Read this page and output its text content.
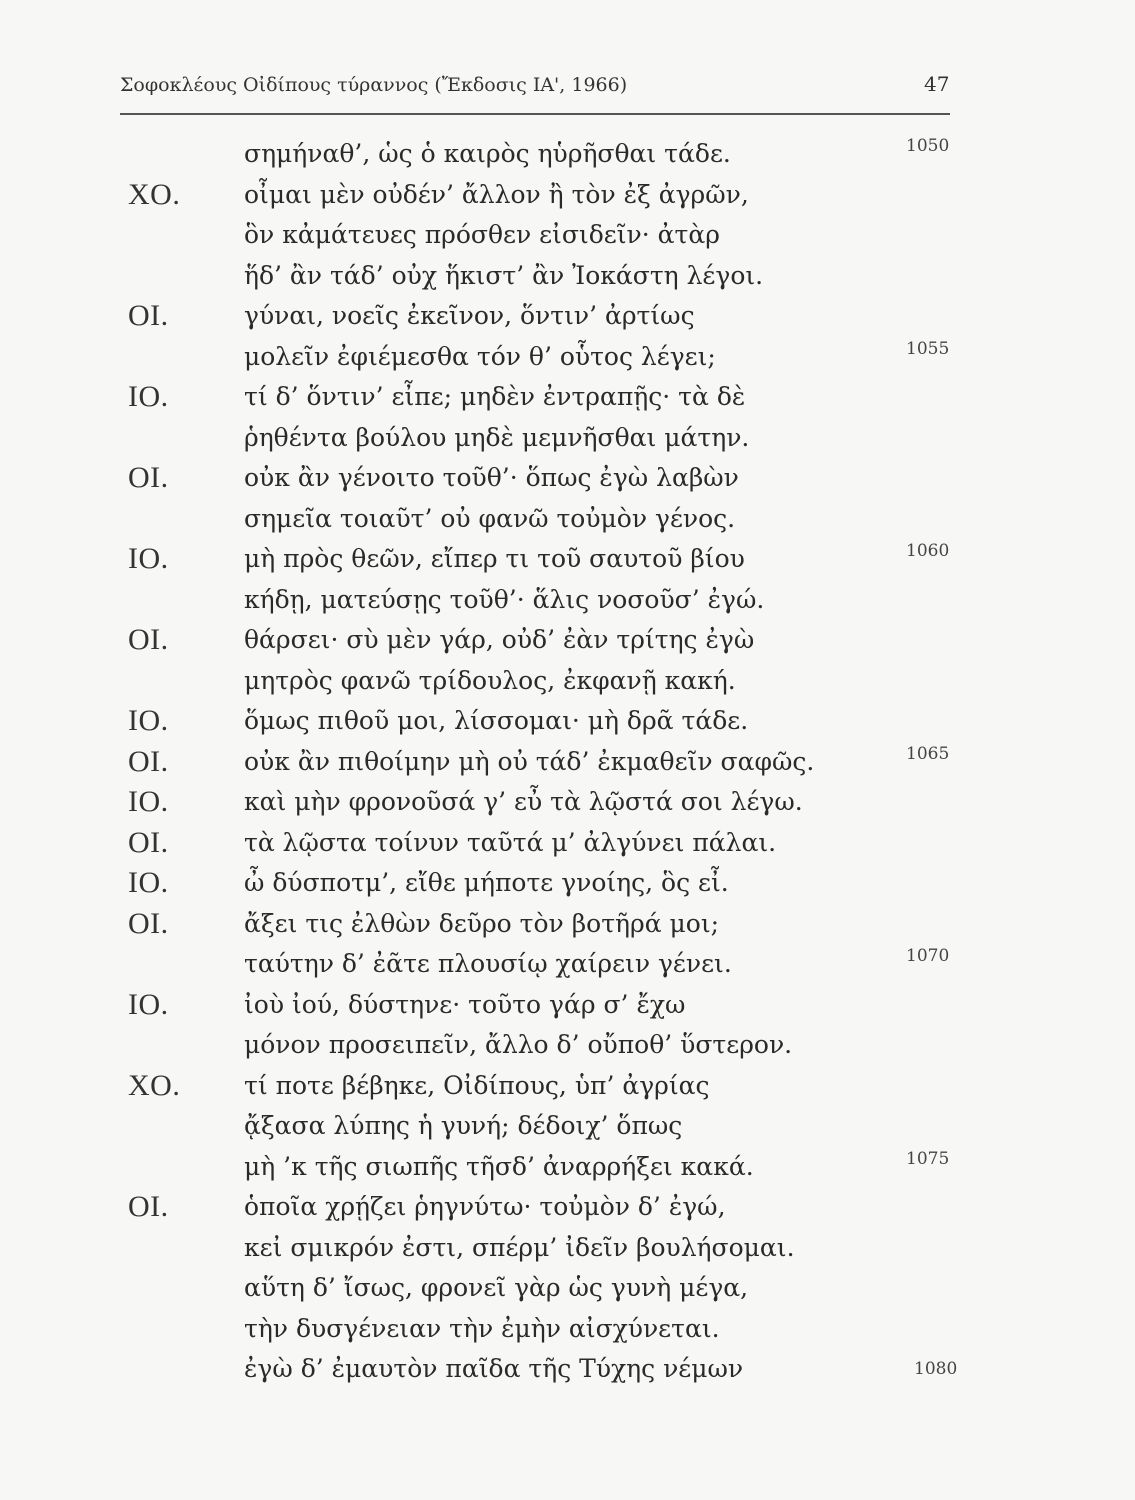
Σοφοκλέους Οἰδίπους τύραννος (Ἔκδοσις ΙΑ', 1966)	47
σημήναθ’, ὡς ὁ καιρὸς ηὑρῆσθαι τάδε.	1050
ΧΟ.	οἶμαι μὲν οὐδέν’ ἄλλον ἢ τὸν ἐξ ἀγρῶν,
ὃν κἀμάτευες πρόσθεν εἰσιδεῖν· ἀτὰρ
ἥδ’ ἂν τάδ’ οὐχ ἥκιστ’ ἂν Ἰοκάστη λέγοι.
ΟΙ.	γύναι, νοεῖς ἐκεῖνον, ὅντιν’ ἀρτίως
μολεῖν ἐφιέμεσθα τόν θ’ οὗτος λέγει;	1055
ΙΟ.	τί δ’ ὅντιν’ εἶπε; μηδὲν ἐντραπῇς· τὰ δὲ
ῥηθέντα βούλου μηδὲ μεμνῆσθαι μάτην.
ΟΙ.	οὐκ ἂν γένοιτο τοῦθ’· ὅπως ἐγὼ λαβὼν
σημεῖα τοιαῦτ’ οὐ φανῶ τοὐμὸν γένος.
ΙΟ.	μὴ πρὸς θεῶν, εἴπερ τι τοῦ σαυτοῦ βίου	1060
κήδῃ, ματεύσῃς τοῦθ’· ἅλις νοσοῦσ’ ἐγώ.
ΟΙ.	θάρσει· σὺ μὲν γάρ, οὐδ’ ἐὰν τρίτης ἐγὼ
μητρὸς φανῶ τρίδουλος, ἐκφανῇ κακή.
ΙΟ.	ὅμως πιθοῦ μοι, λίσσομαι· μὴ δρᾶ τάδε.
ΟΙ.	οὐκ ἂν πιθοίμην μὴ οὐ τάδ’ ἐκμαθεῖν σαφῶς.	1065
ΙΟ.	καὶ μὴν φρονοῦσά γ’ εὖ τὰ λῷστά σοι λέγω.
ΟΙ.	τὰ λῷστα τοίνυν ταῦτά μ’ ἀλγύνει πάλαι.
ΙΟ.	ὦ δύσποτμ’, εἴθε μήποτε γνοίης, ὃς εἶ.
ΟΙ.	ἄξει τις ἐλθὼν δεῦρο τὸν βοτῆρά μοι;
ταύτην δ’ ἐᾶτε πλουσίῳ χαίρειν γένει.	1070
ΙΟ.	ἰοὺ ἰού, δύστηνε· τοῦτο γάρ σ’ ἔχω
μόνον προσειπεῖν, ἄλλο δ’ οὔποθ’ ὕστερον.
ΧΟ.	τί ποτε βέβηκε, Οἰδίπους, ὑπ’ ἀγρίας
ᾄξασα λύπης ἡ γυνή; δέδοιχ’ ὅπως
μὴ ’κ τῆς σιωπῆς τῆσδ’ ἀναρρήξει κακά.	1075
ΟΙ.	ὁποῖα χρῄζει ῥηγνύτω· τοὐμὸν δ’ ἐγώ,
κεἰ σμικρόν ἐστι, σπέρμ’ ἰδεῖν βουλήσομαι.
αὕτη δ’ ἴσως, φρονεῖ γὰρ ὡς γυνὴ μέγα,
τὴν δυσγένειαν τὴν ἐμὴν αἰσχύνεται.
ἐγὼ δ’ ἐμαυτὸν παῖδα τῆς Τύχης νέμων	1080
